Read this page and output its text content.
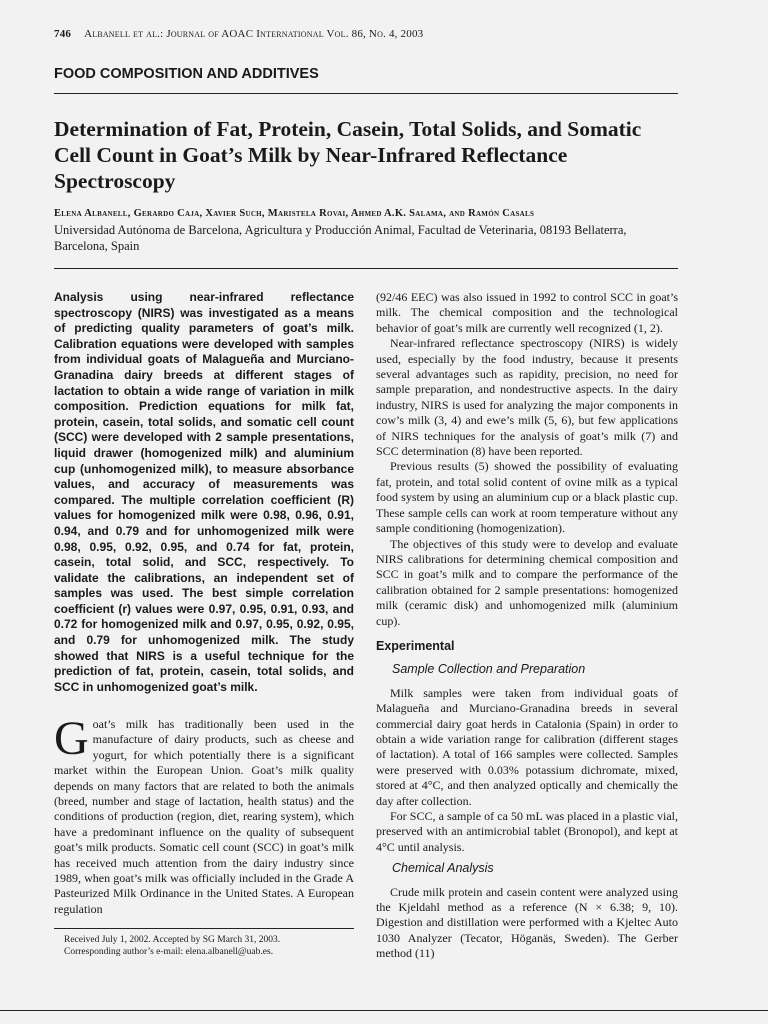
746 Albanell et al.: Journal of AOAC International Vol. 86, No. 4, 2003
FOOD COMPOSITION AND ADDITIVES
Determination of Fat, Protein, Casein, Total Solids, and Somatic Cell Count in Goat’s Milk by Near-Infrared Reflectance Spectroscopy
Elena Albanell, Gerardo Caja, Xavier Such, Maristela Rovai, Ahmed A.K. Salama, and Ramón Casals
Universidad Autónoma de Barcelona, Agricultura y Producción Animal, Facultad de Veterinaria, 08193 Bellaterra, Barcelona, Spain
Analysis using near-infrared reflectance spectroscopy (NIRS) was investigated as a means of predicting quality parameters of goat’s milk. Calibration equations were developed with samples from individual goats of Malagueña and Murciano-Granadina dairy breeds at different stages of lactation to obtain a wide range of variation in milk composition. Prediction equations for milk fat, protein, casein, total solids, and somatic cell count (SCC) were developed with 2 sample presentations, liquid drawer (homogenized milk) and aluminium cup (unhomogenized milk), to measure absorbance values, and accuracy of measurements was compared. The multiple correlation coefficient (R) values for homogenized milk were 0.98, 0.96, 0.91, 0.94, and 0.79 and for unhomogenized milk were 0.98, 0.95, 0.92, 0.95, and 0.74 for fat, protein, casein, total solid, and SCC, respectively. To validate the calibrations, an independent set of samples was used. The best simple correlation coefficient (r) values were 0.97, 0.95, 0.91, 0.93, and 0.72 for homogenized milk and 0.97, 0.95, 0.92, 0.95, and 0.79 for unhomogenized milk. The study showed that NIRS is a useful technique for the prediction of fat, protein, casein, total solids, and SCC in unhomogenized goat’s milk.
Goat’s milk has traditionally been used in the manufacture of dairy products, such as cheese and yogurt, for which potentially there is a significant market within the European Union. Goat’s milk quality depends on many factors that are related to both the animals (breed, number and stage of lactation, health status) and the conditions of production (region, diet, rearing system), which have a predominant influence on the quality of subsequent goat’s milk products. Somatic cell count (SCC) in goat’s milk has received much attention from the dairy industry since 1989, when goat’s milk was officially included in the Grade A Pasteurized Milk Ordinance in the United States. A European regulation
Received July 1, 2002. Accepted by SG March 31, 2003.
Corresponding author’s e-mail: elena.albanell@uab.es.

(92/46 EEC) was also issued in 1992 to control SCC in goat’s milk. The chemical composition and the technological behavior of goat’s milk are currently well recognized (1, 2).

Near-infrared reflectance spectroscopy (NIRS) is widely used, especially by the food industry, because it presents several advantages such as rapidity, precision, no need for sample preparation, and nondestructive aspects. In the dairy industry, NIRS is used for analyzing the major components in cow’s milk (3, 4) and ewe’s milk (5, 6), but few applications of NIRS techniques for the analysis of goat’s milk (7) and SCC determination (8) have been reported.

Previous results (5) showed the possibility of evaluating fat, protein, and total solid content of ovine milk as a typical food system by using an aluminium cup or a black plastic cup. These sample cells can work at room temperature without any sample conditioning (homogenization).

The objectives of this study were to develop and evaluate NIRS calibrations for determining chemical composition and SCC in goat’s milk and to compare the performance of the calibration obtained for 2 sample presentations: homogenized milk (ceramic disk) and unhomogenized milk (aluminium cup).

Experimental
Sample Collection and Preparation

Milk samples were taken from individual goats of Malagueña and Murciano-Granadina breeds in several commercial dairy goat herds in Catalonia (Spain) in order to obtain a wide variation range for calibration (different stages of lactation). A total of 166 samples were collected. Samples were preserved with 0.03% potassium dichromate, mixed, stored at 4°C, and then analyzed optically and chemically the day after collection.

For SCC, a sample of ca 50 mL was placed in a plastic vial, preserved with an antimicrobial tablet (Bronopol), and kept at 4°C until analysis.

Chemical Analysis

Crude milk protein and casein content were analyzed using the Kjeldahl method as a reference (N × 6.38; 9, 10). Digestion and distillation were performed with a Kjeltec Auto 1030 Analyzer (Tecator, Höganäs, Sweden). The Gerber method (11)
